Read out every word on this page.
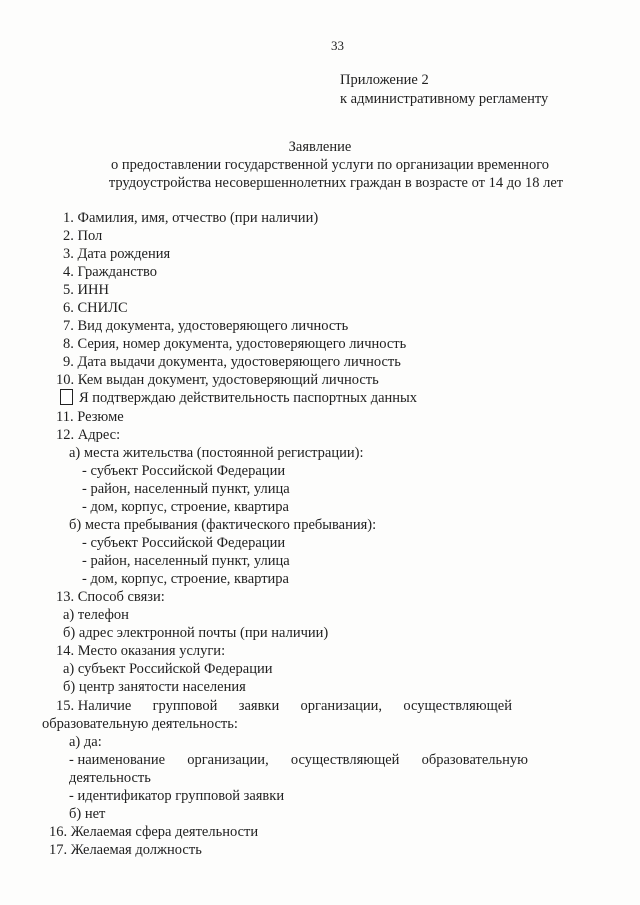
33
Приложение 2
к административному регламенту
Заявление
о предоставлении государственной услуги по организации временного
трудоустройства несовершеннолетних граждан в возрасте от 14 до 18 лет
1. Фамилия, имя, отчество (при наличии)
2. Пол
3. Дата рождения
4. Гражданство
5. ИНН
6. СНИЛС
7. Вид документа, удостоверяющего личность
8. Серия, номер документа, удостоверяющего личность
9. Дата выдачи документа, удостоверяющего личность
10. Кем выдан документ, удостоверяющий личность
Я подтверждаю действительность паспортных данных
11. Резюме
12. Адрес:
а) места жительства (постоянной регистрации):
- субъект Российской Федерации
- район, населенный пункт, улица
- дом, корпус, строение, квартира
б) места пребывания (фактического пребывания):
- субъект Российской Федерации
- район, населенный пункт, улица
- дом, корпус, строение, квартира
13. Способ связи:
а) телефон
б) адрес электронной почты (при наличии)
14. Место оказания услуги:
а) субъект Российской Федерации
б) центр занятости населения
15. Наличие групповой заявки организации, осуществляющей
образовательную деятельность:
а) да:
- наименование организации, осуществляющей образовательную
деятельность
- идентификатор групповой заявки
б) нет
16. Желаемая сфера деятельности
17. Желаемая должность
